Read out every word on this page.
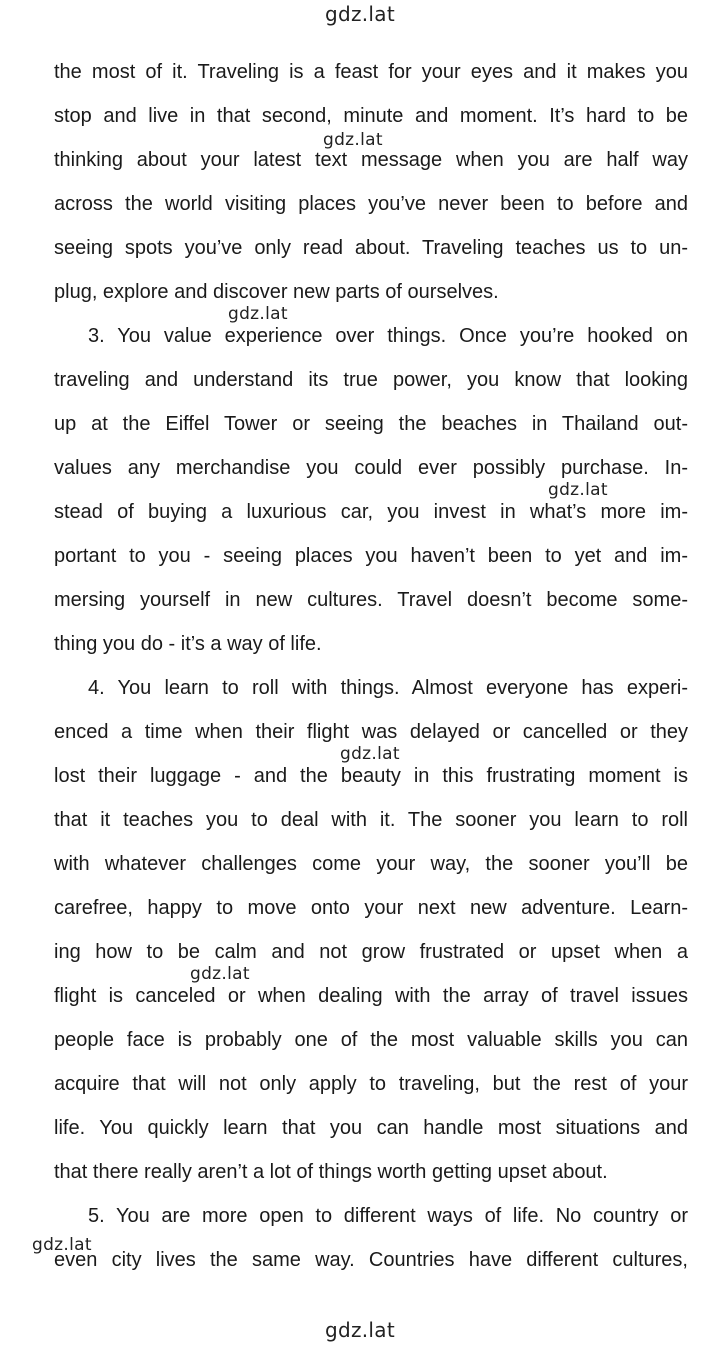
gdz.lat
the most of it. Traveling is a feast for your eyes and it makes you
stop and live in that second, minute and moment. It’s hard to be
thinking about your latest text message when you are half way
across the world visiting places you’ve never been to before and
seeing spots you’ve only read about. Traveling teaches us to un-
plug, explore and discover new parts of ourselves.
3. You value experience over things. Once you’re hooked on
traveling and understand its true power, you know that looking
up at the Eiffel Tower or seeing the beaches in Thailand out-
values any merchandise you could ever possibly purchase. In-
stead of buying a luxurious car, you invest in what’s more im-
portant to you - seeing places you haven’t been to yet and im-
mersing yourself in new cultures. Travel doesn’t become some-
thing you do - it’s a way of life.
4. You learn to roll with things. Almost everyone has experi-
enced a time when their flight was delayed or cancelled or they
lost their luggage - and the beauty in this frustrating moment is
that it teaches you to deal with it. The sooner you learn to roll
with whatever challenges come your way, the sooner you’ll be
carefree, happy to move onto your next new adventure. Learn-
ing how to be calm and not grow frustrated or upset when a
flight is canceled or when dealing with the array of travel issues
people face is probably one of the most valuable skills you can
acquire that will not only apply to traveling, but the rest of your
life. You quickly learn that you can handle most situations and
that there really aren’t a lot of things worth getting upset about.
5. You are more open to different ways of life. No country or
even city lives the same way. Countries have different cultures,
gdz.lat
gdz.lat
gdz.lat
gdz.lat
gdz.lat
gdz.lat
gdz.lat
